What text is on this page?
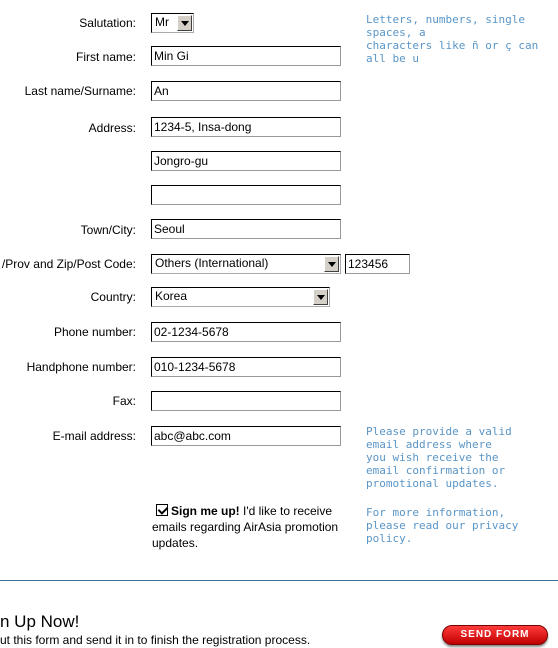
Salutation:
First name:
Last name/Surname:
Address:
Town/City:
/Prov and Zip/Post Code:
Country:
Phone number:
Handphone number:
Fax:
E-mail address:
Mr
Min Gi
An
1234-5, Insa-dong
Jongro-gu
Seoul
Others (International)	123456
Korea
02-1234-5678
010-1234-5678
abc@abc.com
Letters, numbers, single spaces, a
characters like ñ or ç can all be u
Please provide a valid
email address where
you wish receive the
email confirmation or
promotional updates.
For more information,
please read our privacy
policy.
Sign me up! I'd like to receive
emails regarding AirAsia promotion
updates.
n Up Now!
ut this form and send it in to finish the registration process.	SEND FORM
